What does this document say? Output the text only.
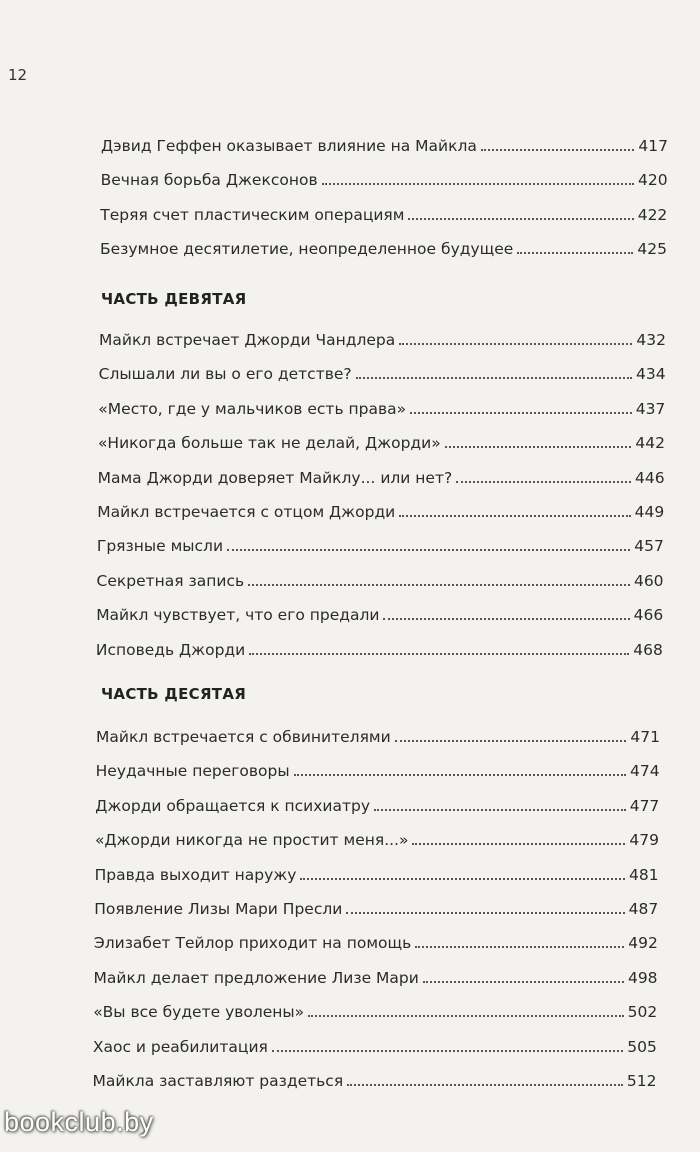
12
ЧАСТЬ ДЕВЯТАЯ
ЧАСТЬ ДЕСЯТАЯ
Дэвид Геффен оказывает влияние на Майкла	417
Вечная борьба Джексонов	420
Теряя счет пластическим операциям	422
Безумное десятилетие, неопределенное будущее	425
Майкл встречает Джорди Чандлера	432
Слышали ли вы о его детстве?	434
«Место, где у мальчиков есть права»	437
«Никогда больше так не делай, Джорди»	442
Мама Джорди доверяет Майклу... или нет?	446
Майкл встречается с отцом Джорди	449
Грязные мысли	457
Секретная запись	460
Майкл чувствует, что его предали	466
Исповедь Джорди	468
Майкл встречается с обвинителями	471
Неудачные переговоры	474
Джорди обращается к психиатру	477
«Джорди никогда не простит меня...»	479
Правда выходит наружу	481
Появление Лизы Мари Пресли	487
Элизабет Тейлор приходит на помощь	492
Майкл делает предложение Лизе Мари	498
«Вы все будете уволены»	502
Хаос и реабилитация	505
Майкла заставляют раздеться	512
bookclub.by
